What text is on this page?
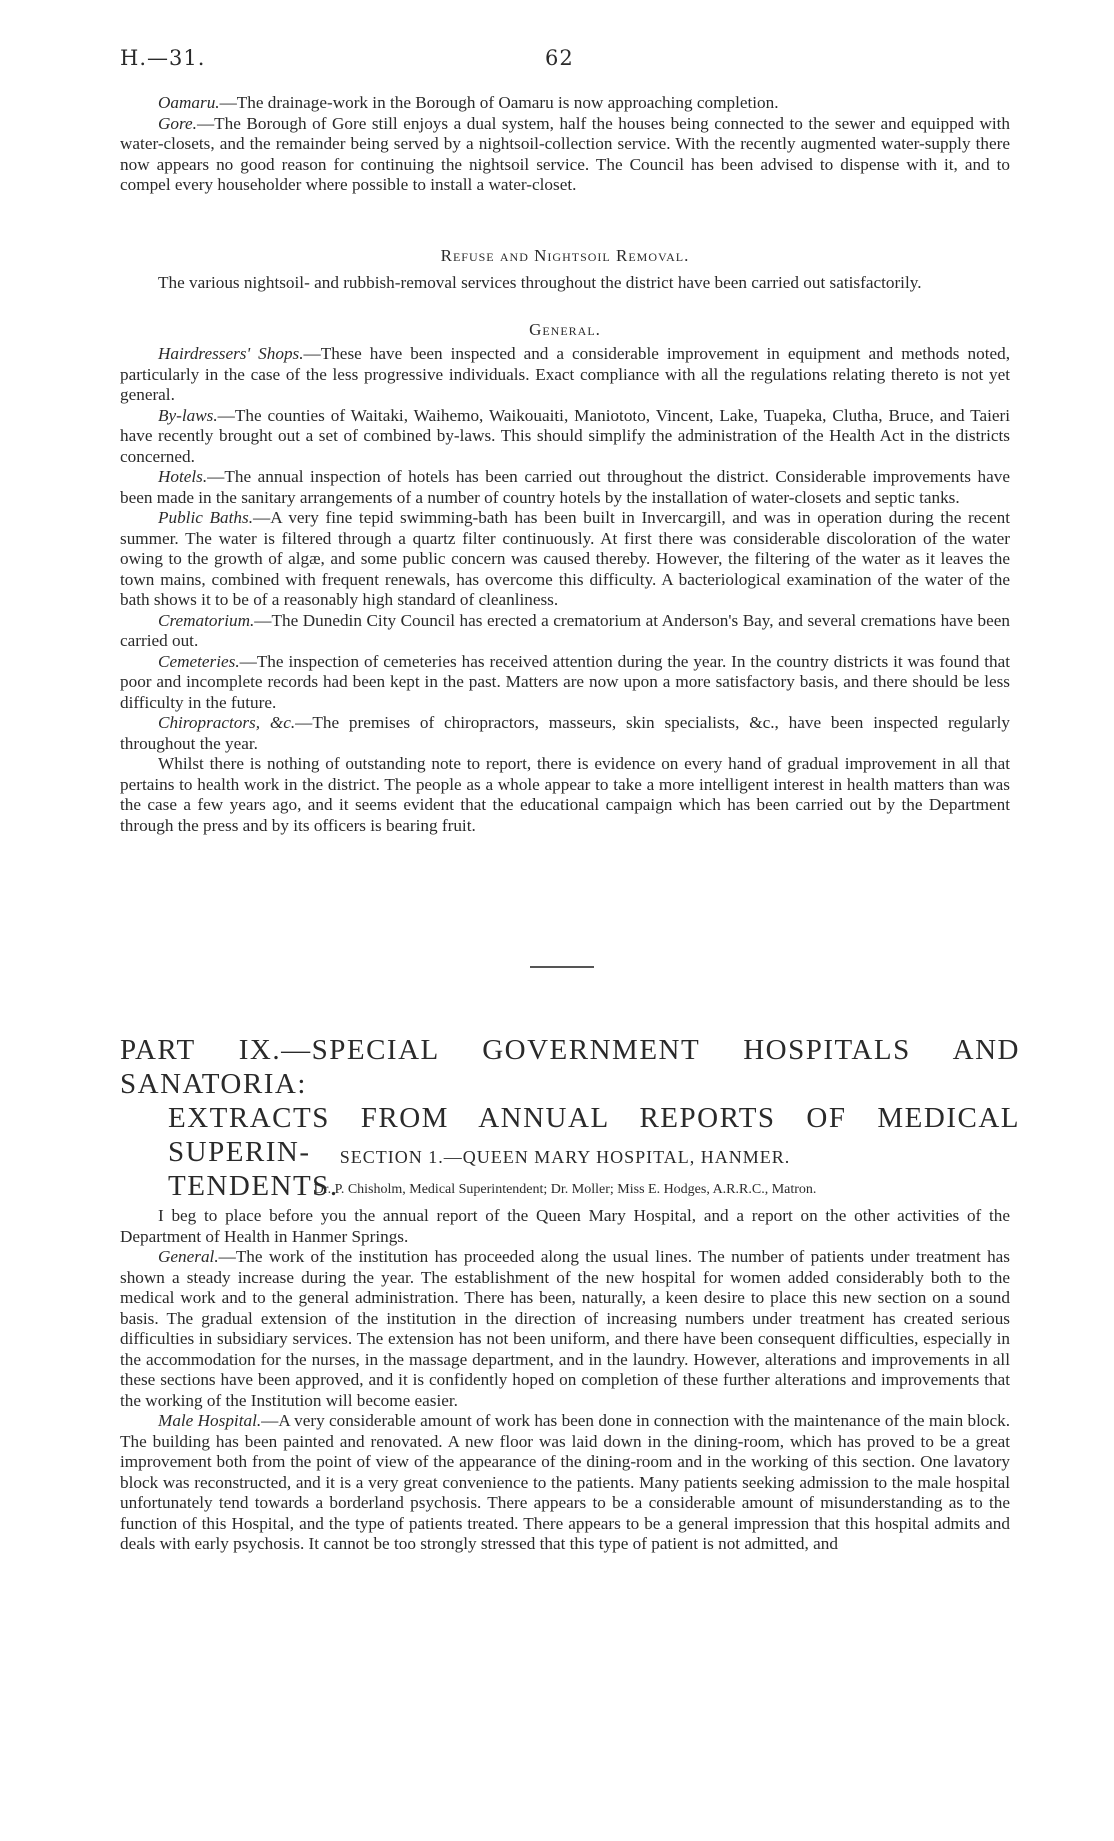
H.—31.	62

Oamaru.—The drainage-work in the Borough of Oamaru is now approaching completion.

Gore.—The Borough of Gore still enjoys a dual system, half the houses being connected to the sewer and equipped with water-closets, and the remainder being served by a nightsoil-collection service. With the recently augmented water-supply there now appears no good reason for continuing the nightsoil service. The Council has been advised to dispense with it, and to compel every householder where possible to install a water-closet.

Refuse and Nightsoil Removal.

The various nightsoil- and rubbish-removal services throughout the district have been carried out satisfactorily.

General.

Hairdressers' Shops.—These have been inspected and a considerable improvement in equipment and methods noted, particularly in the case of the less progressive individuals. Exact compliance with all the regulations relating thereto is not yet general.

By-laws.—The counties of Waitaki, Waihemo, Waikouaiti, Maniototo, Vincent, Lake, Tuapeka, Clutha, Bruce, and Taieri have recently brought out a set of combined by-laws. This should simplify the administration of the Health Act in the districts concerned.

Hotels.—The annual inspection of hotels has been carried out throughout the district. Considerable improvements have been made in the sanitary arrangements of a number of country hotels by the installation of water-closets and septic tanks.

Public Baths.—A very fine tepid swimming-bath has been built in Invercargill, and was in operation during the recent summer. The water is filtered through a quartz filter continuously. At first there was considerable discoloration of the water owing to the growth of algæ, and some public concern was caused thereby. However, the filtering of the water as it leaves the town mains, combined with frequent renewals, has overcome this difficulty. A bacteriological examination of the water of the bath shows it to be of a reasonably high standard of cleanliness.

Crematorium.—The Dunedin City Council has erected a crematorium at Anderson's Bay, and several cremations have been carried out.

Cemeteries.—The inspection of cemeteries has received attention during the year. In the country districts it was found that poor and incomplete records had been kept in the past. Matters are now upon a more satisfactory basis, and there should be less difficulty in the future.

Chiropractors, &c.—The premises of chiropractors, masseurs, skin specialists, &c., have been inspected regularly throughout the year.

Whilst there is nothing of outstanding note to report, there is evidence on every hand of gradual improvement in all that pertains to health work in the district. The people as a whole appear to take a more intelligent interest in health matters than was the case a few years ago, and it seems evident that the educational campaign which has been carried out by the Department through the press and by its officers is bearing fruit.

PART IX.—SPECIAL GOVERNMENT HOSPITALS AND SANATORIA:
EXTRACTS FROM ANNUAL REPORTS OF MEDICAL SUPERIN-
TENDENTS.
SECTION 1.—QUEEN MARY HOSPITAL, HANMER.
Dr. P. Chisholm, Medical Superintendent; Dr. Moller; Miss E. Hodges, A.R.R.C., Matron.

I beg to place before you the annual report of the Queen Mary Hospital, and a report on the other activities of the Department of Health in Hanmer Springs.

General.—The work of the institution has proceeded along the usual lines. The number of patients under treatment has shown a steady increase during the year. The establishment of the new hospital for women added considerably both to the medical work and to the general administration. There has been, naturally, a keen desire to place this new section on a sound basis. The gradual extension of the institution in the direction of increasing numbers under treatment has created serious difficulties in subsidiary services. The extension has not been uniform, and there have been consequent difficulties, especially in the accommodation for the nurses, in the massage department, and in the laundry. However, alterations and improvements in all these sections have been approved, and it is confidently hoped on completion of these further alterations and improvements that the working of the Institution will become easier.

Male Hospital.—A very considerable amount of work has been done in connection with the maintenance of the main block. The building has been painted and renovated. A new floor was laid down in the dining-room, which has proved to be a great improvement both from the point of view of the appearance of the dining-room and in the working of this section. One lavatory block was reconstructed, and it is a very great convenience to the patients. Many patients seeking admission to the male hospital unfortunately tend towards a borderland psychosis. There appears to be a considerable amount of misunderstanding as to the function of this Hospital, and the type of patients treated. There appears to be a general impression that this hospital admits and deals with early psychosis. It cannot be too strongly stressed that this type of patient is not admitted, and
